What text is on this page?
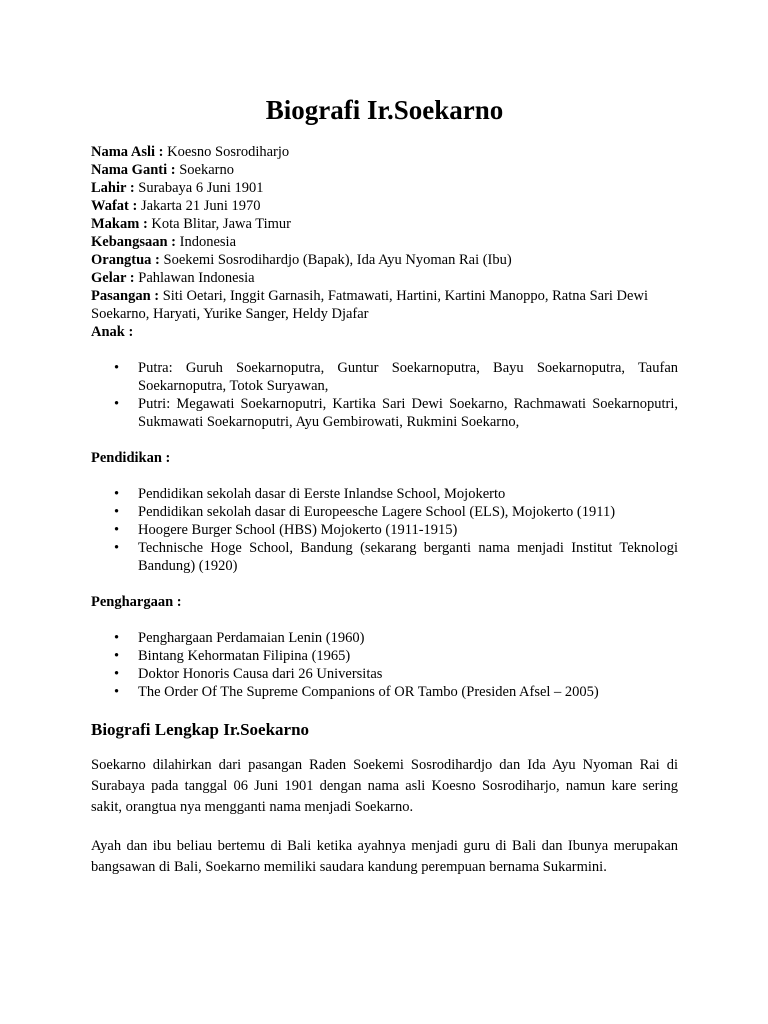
Biografi Ir.Soekarno

Nama Asli : Koesno Sosrodiharjo

Nama Ganti : Soekarno

Lahir : Surabaya 6 Juni 1901

Wafat : Jakarta 21 Juni 1970

Makam : Kota Blitar, Jawa Timur

Kebangsaan : Indonesia

Orangtua : Soekemi Sosrodihardjo (Bapak), Ida Ayu Nyoman Rai (Ibu)

Gelar : Pahlawan Indonesia

Pasangan : Siti Oetari, Inggit Garnasih, Fatmawati, Hartini, Kartini Manoppo, Ratna Sari Dewi Soekarno, Haryati, Yurike Sanger, Heldy Djafar

Anak :

• Putra: Guruh Soekarnoputra, Guntur Soekarnoputra, Bayu Soekarnoputra, Taufan Soekarnoputra, Totok Suryawan,
• Putri: Megawati Soekarnoputri, Kartika Sari Dewi Soekarno, Rachmawati Soekarnoputri, Sukmawati Soekarnoputri, Ayu Gembirowati, Rukmini Soekarno,

Pendidikan :

• Pendidikan sekolah dasar di Eerste Inlandse School, Mojokerto
• Pendidikan sekolah dasar di Europeesche Lagere School (ELS), Mojokerto (1911)
• Hoogere Burger School (HBS) Mojokerto (1911-1915)
• Technische Hoge School, Bandung (sekarang berganti nama menjadi Institut Teknologi Bandung) (1920)

Penghargaan :

• Penghargaan Perdamaian Lenin (1960)
• Bintang Kehormatan Filipina (1965)
• Doktor Honoris Causa dari 26 Universitas
• The Order Of The Supreme Companions of OR Tambo (Presiden Afsel – 2005)
Biografi Lengkap Ir.Soekarno

Soekarno dilahirkan dari pasangan Raden Soekemi Sosrodihardjo dan Ida Ayu Nyoman Rai di Surabaya pada tanggal 06 Juni 1901 dengan nama asli Koesno Sosrodiharjo, namun kare sering sakit, orangtua nya mengganti nama menjadi Soekarno.

Ayah dan ibu beliau bertemu di Bali ketika ayahnya menjadi guru di Bali dan Ibunya merupakan bangsawan di Bali, Soekarno memiliki saudara kandung perempuan bernama Sukarmini.
